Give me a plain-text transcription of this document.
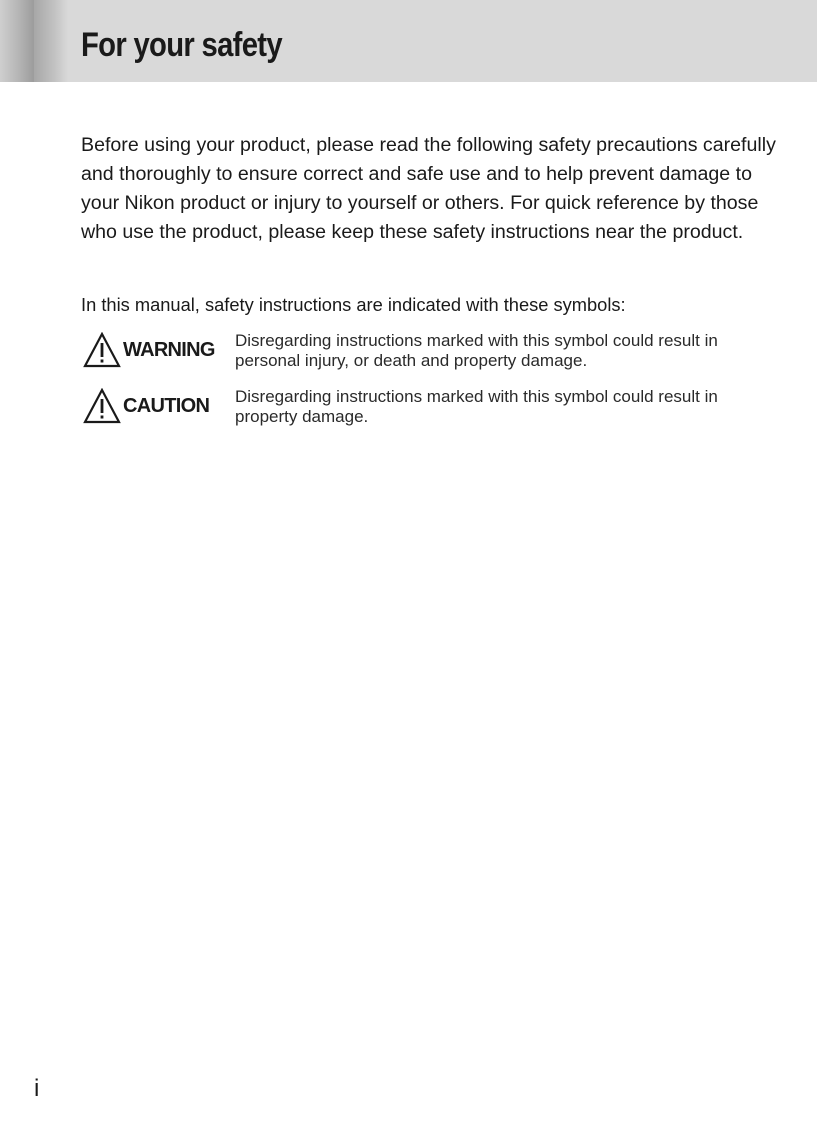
For your safety

Before using your product, please read the following safety precautions carefully and thoroughly to ensure correct and safe use and to help prevent damage to your Nikon product or injury to yourself or others. For quick reference by those who use the product, please keep these safety instructions near the product.

In this manual, safety instructions are indicated with these symbols:

WARNING Disregarding instructions marked with this symbol could result in personal injury, or death and property damage.

CAUTION Disregarding instructions marked with this symbol could result in property damage.

i
